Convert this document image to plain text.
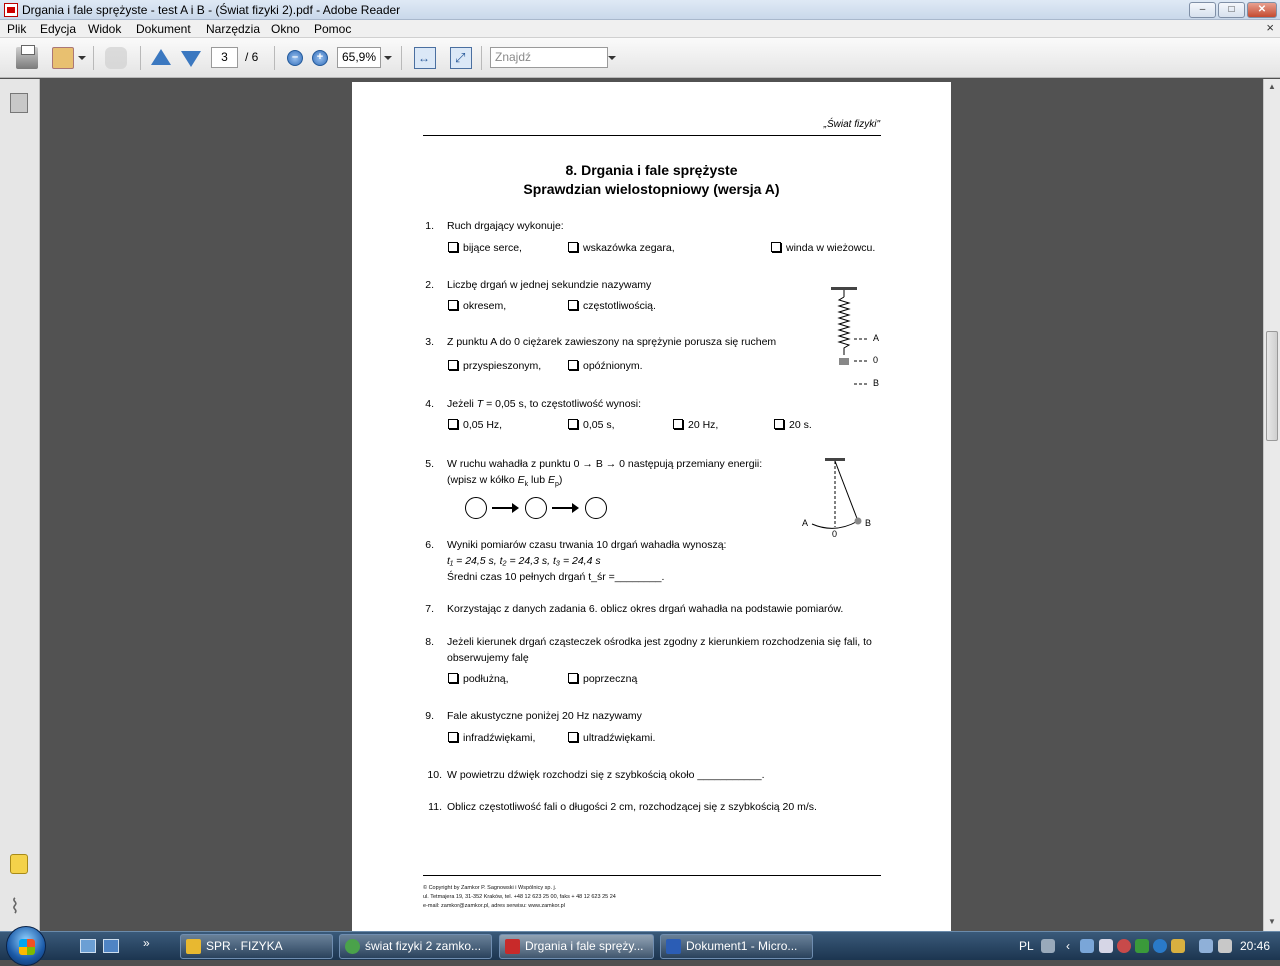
Drgania i fale sprężyste - test A i B - (Świat fizyki 2).pdf - Adobe Reader	–	□	✕
Plik Edycja Widok Dokument Narzędzia Okno Pomoc	×
3	/ 6	–	+	65,9% ↔ ⤢	Znajdź
⌇
„Świat fizyki"
8. Drgania i fale sprężyste
Sprawdzian wielostopniowy (wersja A)
1. Ruch drgający wykonuje:
bijące serce,	wskazówka zegara,	winda w wieżowcu.
2. Liczbę drgań w jednej sekundzie nazywamy
okresem,	częstotliwością.
A
0
B
3. Z punktu A do 0 ciężarek zawieszony na sprężynie porusza się ruchem
przyspieszonym,	opóźnionym.
4. Jeżeli T = 0,05 s, to częstotliwość wynosi:
0,05 Hz,	0,05 s,	20 Hz,	20 s.
5. W ruchu wahadła z punktu 0 → B → 0 następują przemiany energii:
(wpisz w kółko $E_k$ lub $E_p$)
A
0
B
6. Wyniki pomiarów czasu trwania 10 drgań wahadła wynoszą:
t₁ = 24,5 s, t₂ = 24,3 s, t₃ = 24,4 s
Średni czas 10 pełnych drgań t_śr =________.
7. Korzystając z danych zadania 6. oblicz okres drgań wahadła na podstawie pomiarów.
8. Jeżeli kierunek drgań cząsteczek ośrodka jest zgodny z kierunkiem rozchodzenia się fali, to
obserwujemy falę
podłużną,	poprzeczną
9. Fale akustyczne poniżej 20 Hz nazywamy
infradźwiękami,	ultradźwiękami.
10. W powietrzu dźwięk rozchodzi się z szybkością około ___________.
11. Oblicz częstotliwość fali o długości 2 cm, rozchodzącej się z szybkością 20 m/s.
© Copyright by Zamkor P. Sagnowski i Wspólnicy sp. j.
ul. Tetmajera 19, 31-352 Kraków, tel. +48 12 623 25 00, faks + 48 12 623 25 24
e-mail: zamkor@zamkor.pl, adres serwisu: www.zamkor.pl
▲
▼
»	SPR . FIZYKA	świat fizyki 2 zamko...	Drgania i fale spręży...	Dokument1 - Micro...	PL	‹	20:46
